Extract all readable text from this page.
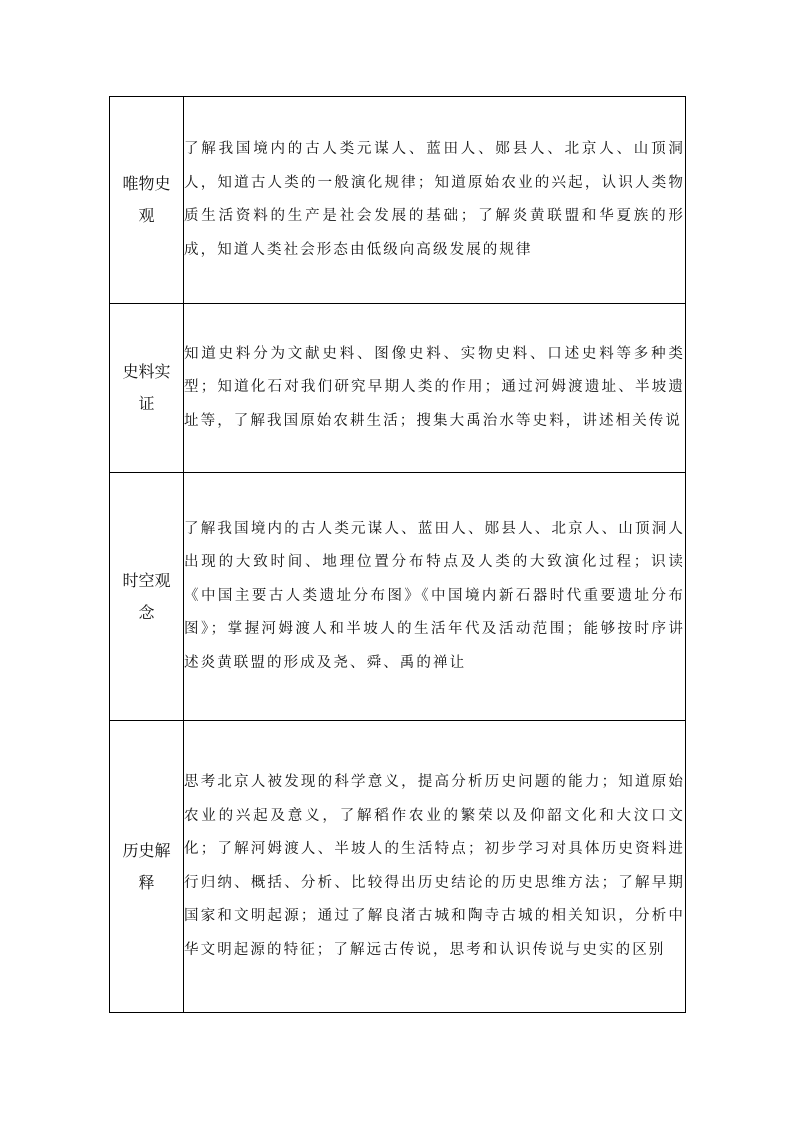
唯物史观	了解我国境内的古人类元谋人、蓝田人、郧县人、北京人、山顶洞人，知道古人类的一般演化规律；知道原始农业的兴起，认识人类物质生活资料的生产是社会发展的基础；了解炎黄联盟和华夏族的形成，知道人类社会形态由低级向高级发展的规律

史料实证	知道史料分为文献史料、图像史料、实物史料、口述史料等多种类型；知道化石对我们研究早期人类的作用；通过河姆渡遗址、半坡遗址等，了解我国原始农耕生活；搜集大禹治水等史料，讲述相关传说

时空观念	了解我国境内的古人类元谋人、蓝田人、郧县人、北京人、山顶洞人出现的大致时间、地理位置分布特点及人类的大致演化过程；识读《中国主要古人类遗址分布图》《中国境内新石器时代重要遗址分布图》；掌握河姆渡人和半坡人的生活年代及活动范围；能够按时序讲述炎黄联盟的形成及尧、舜、禹的禅让

历史解释	思考北京人被发现的科学意义，提高分析历史问题的能力；知道原始农业的兴起及意义，了解稻作农业的繁荣以及仰韶文化和大汶口文化；了解河姆渡人、半坡人的生活特点；初步学习对具体历史资料进行归纳、概括、分析、比较得出历史结论的历史思维方法；了解早期国家和文明起源；通过了解良渚古城和陶寺古城的相关知识，分析中华文明起源的特征；了解远古传说，思考和认识传说与史实的区别
